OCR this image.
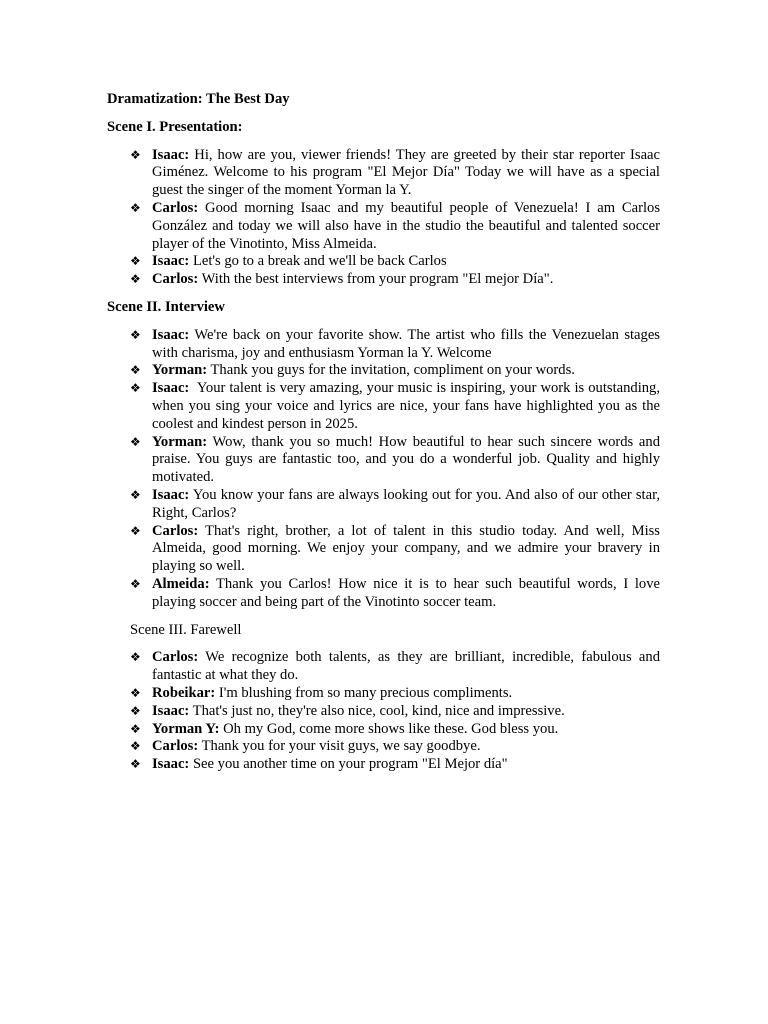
Dramatization: The Best Day

Scene I. Presentation:

❖ Isaac: Hi, how are you, viewer friends! They are greeted by their star reporter Isaac Giménez. Welcome to his program "El Mejor Día" Today we will have as a special guest the singer of the moment Yorman la Y.
❖ Carlos: Good morning Isaac and my beautiful people of Venezuela! I am Carlos González and today we will also have in the studio the beautiful and talented soccer player of the Vinotinto, Miss Almeida.
❖ Isaac: Let's go to a break and we'll be back Carlos
❖ Carlos: With the best interviews from your program "El mejor Día".

Scene II. Interview

❖ Isaac: We're back on your favorite show. The artist who fills the Venezuelan stages with charisma, joy and enthusiasm Yorman la Y. Welcome
❖ Yorman: Thank you guys for the invitation, compliment on your words.
❖ Isaac:  Your talent is very amazing, your music is inspiring, your work is outstanding, when you sing your voice and lyrics are nice, your fans have highlighted you as the coolest and kindest person in 2025.
❖ Yorman: Wow, thank you so much! How beautiful to hear such sincere words and praise. You guys are fantastic too, and you do a wonderful job. Quality and highly motivated.
❖ Isaac: You know your fans are always looking out for you. And also of our other star, Right, Carlos?
❖ Carlos: That's right, brother, a lot of talent in this studio today. And well, Miss Almeida, good morning. We enjoy your company, and we admire your bravery in playing so well.
❖ Almeida: Thank you Carlos! How nice it is to hear such beautiful words, I love playing soccer and being part of the Vinotinto soccer team.

Scene III. Farewell

❖ Carlos: We recognize both talents, as they are brilliant, incredible, fabulous and fantastic at what they do.
❖ Robeikar: I'm blushing from so many precious compliments.
❖ Isaac: That's just no, they're also nice, cool, kind, nice and impressive.
❖ Yorman Y: Oh my God, come more shows like these. God bless you.
❖ Carlos: Thank you for your visit guys, we say goodbye.
❖ Isaac: See you another time on your program "El Mejor día"
